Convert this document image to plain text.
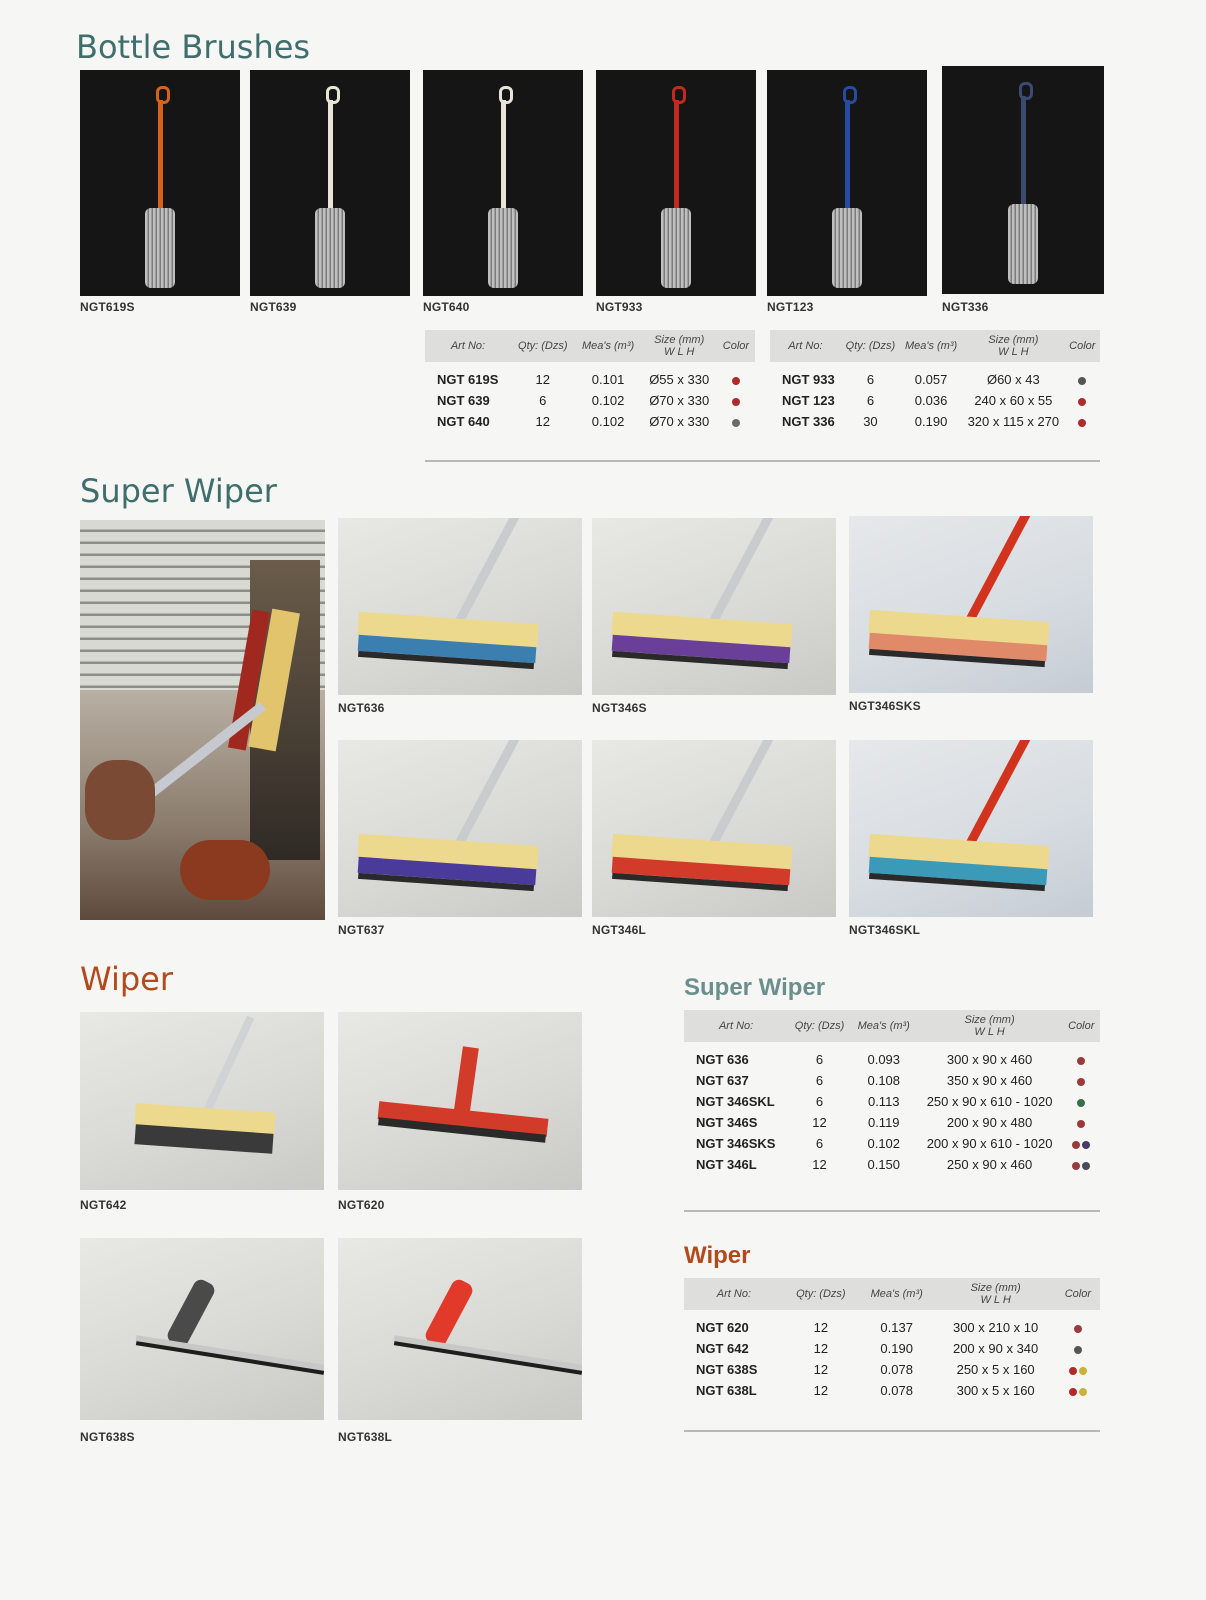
Bottle Brushes
NGT619S	NGT639	NGT640	NGT933	NGT123	NGT336
Art No:	Qty: (Dzs)	Mea's (m³)	Size (mm)
W L H	Color
NGT 619S	12	0.101	Ø55 x 330	
NGT 639	6	0.102	Ø70 x 330	
NGT 640	12	0.102	Ø70 x 330	
Art No:	Qty: (Dzs)	Mea's (m³)	Size (mm)
W L H	Color
NGT 933	6	0.057	Ø60 x 43	
NGT 123	6	0.036	240 x 60 x 55	
NGT 336	30	0.190	320 x 115 x 270	
Super Wiper
NGT636	NGT346S	NGT346SKS
NGT637	NGT346L	NGT346SKL
Wiper
NGT642	NGT620
NGT638S	NGT638L
Super Wiper
Art No:	Qty: (Dzs)	Mea's (m³)	Size (mm)
W L H	Color
NGT 636	6	0.093	300 x 90 x 460	
NGT 637	6	0.108	350 x 90 x 460	
NGT 346SKL	6	0.113	250 x 90 x 610 - 1020	
NGT 346S	12	0.119	200 x 90 x 480	
NGT 346SKS	6	0.102	200 x 90 x 610 - 1020	
NGT 346L	12	0.150	250 x 90 x 460	
Wiper
Art No:	Qty: (Dzs)	Mea's (m³)	Size (mm)
W L H	Color
NGT 620	12	0.137	300 x 210 x 10	
NGT 642	12	0.190	200 x 90 x 340	
NGT 638S	12	0.078	250 x 5 x 160	
NGT 638L	12	0.078	300 x 5 x 160	
